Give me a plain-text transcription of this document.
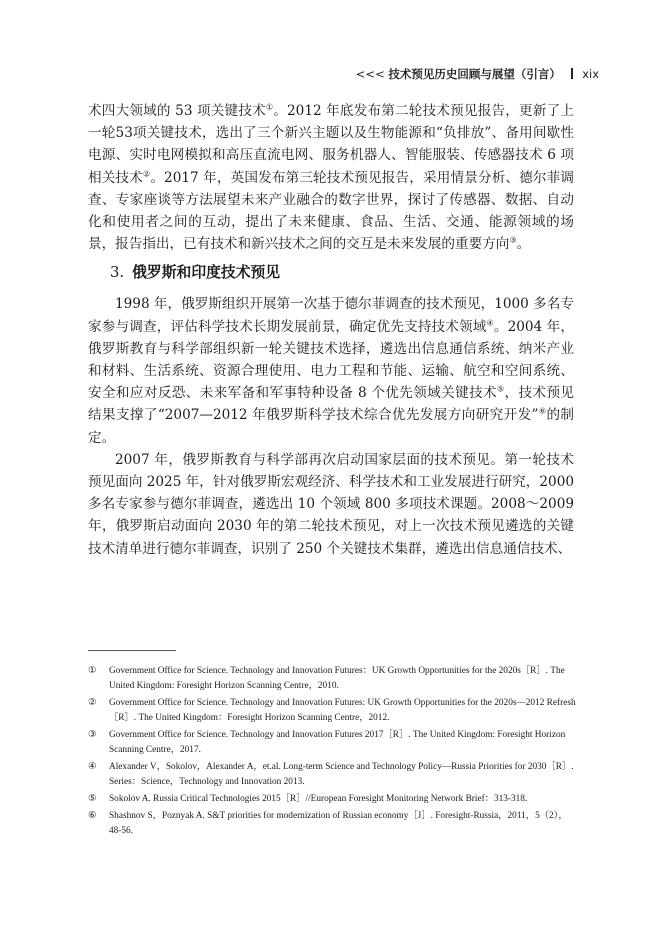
<<< 技术预见历史回顾与展望（引言） xix

术四大领域的 53 项关键技术①。2012 年底发布第二轮技术预见报告，更新了上一轮53项关键技术，选出了三个新兴主题以及生物能源和“负排放”、备用间歇性电源、实时电网模拟和高压直流电网、服务机器人、智能服装、传感器技术 6 项相关技术②。2017 年，英国发布第三轮技术预见报告，采用情景分析、德尔菲调查、专家座谈等方法展望未来产业融合的数字世界，探讨了传感器、数据、自动化和使用者之间的互动，提出了未来健康、食品、生活、交通、能源领域的场景，报告指出，已有技术和新兴技术之间的交互是未来发展的重要方向③。

3. 俄罗斯和印度技术预见

1998 年，俄罗斯组织开展第一次基于德尔菲调查的技术预见，1000 多名专家参与调查，评估科学技术长期发展前景，确定优先支持技术领域④。2004 年，俄罗斯教育与科学部组织新一轮关键技术选择，遴选出信息通信系统、纳米产业和材料、生活系统、资源合理使用、电力工程和节能、运输、航空和空间系统、安全和应对反恐、未来军备和军事特种设备 8 个优先领域关键技术⑤，技术预见结果支撑了“2007—2012 年俄罗斯科学技术综合优先发展方向研究开发”⑥的制定。

2007 年，俄罗斯教育与科学部再次启动国家层面的技术预见。第一轮技术预见面向 2025 年，针对俄罗斯宏观经济、科学技术和工业发展进行研究，2000 多名专家参与德尔菲调查，遴选出 10 个领域 800 多项技术课题。2008～2009 年，俄罗斯启动面向 2030 年的第二轮技术预见，对上一次技术预见遴选的关键技术清单进行德尔菲调查，识别了 250 个关键技术集群，遴选出信息通信技术、

① Government Office for Science. Technology and Innovation Futures：UK Growth Opportunities for the 2020s［R］. The United Kingdom: Foresight Horizon Scanning Centre，2010.
② Government Office for Science. Technology and Innovation Futures: UK Growth Opportunities for the 2020s—2012 Refresh［R］. The United Kingdom：Foresight Horizon Scanning Centre，2012.
③ Government Office for Science. Technology and Innovation Futures 2017［R］. The United Kingdom: Foresight Horizon Scanning Centre，2017.
④ Alexander V，Sokolov，Alexander A，et.al. Long-term Science and Technology Policy—Russia Priorities for 2030［R］. Series：Science，Technology and Innovation 2013.
⑤ Sokolov A. Russia Critical Technologies 2015［R］//European Foresight Monitoring Network Brief：313-318.
⑥ Shashnov S，Poznyak A. S&T priorities for modernization of Russian economy［J］. Foresight-Russia，2011，5（2），48-56.
